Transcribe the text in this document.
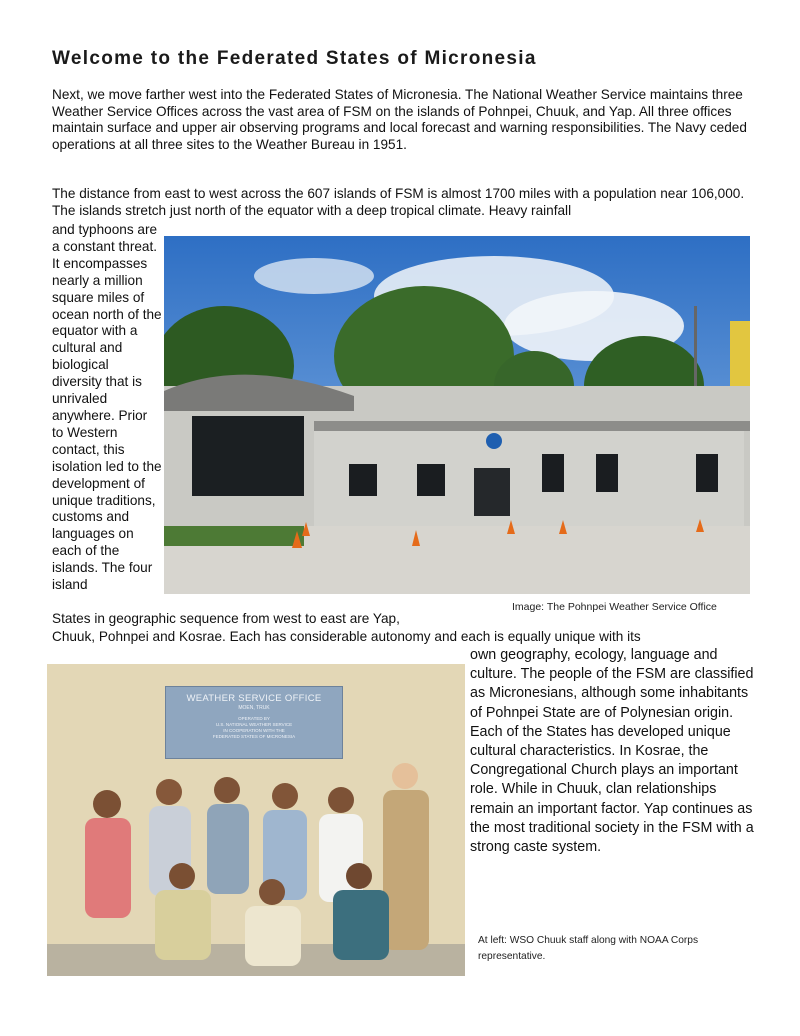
Welcome to the Federated States of Micronesia

Next, we move farther west into the Federated States of Micronesia. The National Weather Service maintains three Weather Service Offices across the vast area of FSM on the islands of Pohnpei, Chuuk, and Yap. All three offices maintain surface and upper air observing programs and local forecast and warning responsibilities. The Navy ceded operations at all three sites to the Weather Bureau in 1951.

The distance from east to west across the 607 islands of FSM is almost 1700 miles with a population near 106,000. The islands stretch just north of the equator with a deep tropical climate. Heavy rainfall

and typhoons are a constant threat. It encompasses nearly a million square miles of ocean north of the equator with a cultural and biological diversity that is unrivaled anywhere. Prior to Western contact, this isolation led to the development of unique traditions, customs and languages on each of the islands. The four island

States in geographic sequence from west to east are Yap,

Chuuk, Pohnpei and Kosrae. Each has considerable autonomy and each is equally unique with its

own geography, ecology, language and culture. The people of the FSM are classified as Micronesians, although some inhabitants of Pohnpei State are of Polynesian origin. Each of the States has developed unique cultural characteristics. In Kosrae, the Congregational Church plays an important role. While in Chuuk, clan relationships remain an important factor. Yap continues as the most traditional society in the FSM with a strong caste system.

Image: The Pohnpei Weather Service Office

WEATHER SERVICE OFFICE
MOEN, TRUK
OPERATED BY
U.S. NATIONAL WEATHER SERVICE
IN COOPERATION WITH THE
FEDERATED STATES OF MICRONESIA

At left: WSO Chuuk staff along with NOAA Corps representative.
